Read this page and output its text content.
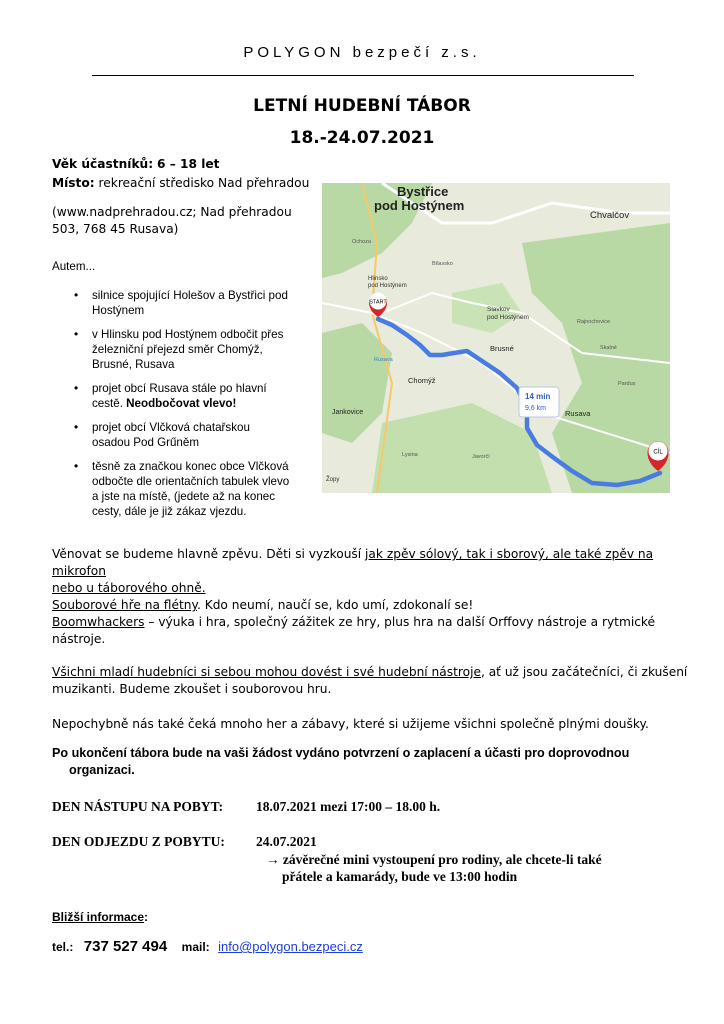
POLYGON bezpečí z.s.
LETNÍ HUDEBNÍ TÁBOR
18.-24.07.2021
Věk účastníků: 6 – 18 let
Místo: rekreační středisko Nad přehradou
(www.nadprehradou.cz; Nad přehradou
503, 768 45 Rusava)
Autem...
• silnice spojující Holešov a Bystřici pod
Hostýnem
• v Hlinsku pod Hostýnem odbočit přes
železniční přejezd směr Chomýž,
Brusné, Rusava
• projet obcí Rusava stále po hlavní
cestě. Neodbočovat vlevo!
• projet obcí Vlčková chatařskou
osadou Pod Grűněm
• těsně za značkou konec obce Vlčková
odbočte dle orientačních tabulek vlevo
a jste na místě, (jedete až na konec
cesty, dále je již zákaz vjezdu.
START
CÍL
14 min
9,6 km
Bystřice
pod Hostýnem
Chvalčov
Hlinsko
pod Hostýnem
Slavkov
pod Hostýnem
Brusné
Chomýž
Jankovice	Rusava
Žopy
Bílavsko
Rajnochovice
Skalné
Pardus
Lysina	Javorčí
Ochoza
Rusava
Věnovat se budeme hlavně zpěvu. Děti si vyzkouší jak zpěv sólový, tak i sborový, ale také zpěv na mikrofon
nebo u táborového ohně.
Souborové hře na flétny. Kdo neumí, naučí se, kdo umí, zdokonalí se!
Boomwhackers – výuka i hra, společný zážitek ze hry, plus hra na další Orffovy nástroje a rytmické
nástroje.
Všichni mladí hudebníci si sebou mohou dovést i své hudební nástroje, ať už jsou začátečníci, či zkušení
muzikanti. Budeme zkoušet i souborovou hru.
Nepochybně nás také čeká mnoho her a zábavy, které si užijeme všichni společně plnými doušky.
Po ukončení tábora bude na vaši žádost vydáno potvrzení o zaplacení a účasti pro doprovodnou
organizaci.
DEN NÁSTUPU NA POBYT: 18.07.2021 mezi 17:00 – 18.00 h.
DEN ODJEZDU Z POBYTU: 24.07.2021
→ závěrečné mini vystoupení pro rodiny, ale chcete-li také
přátele a kamarády, bude ve 13:00 hodin
Bližší informace:
tel.: 737 527 494 mail: info@polygon.bezpeci.cz
